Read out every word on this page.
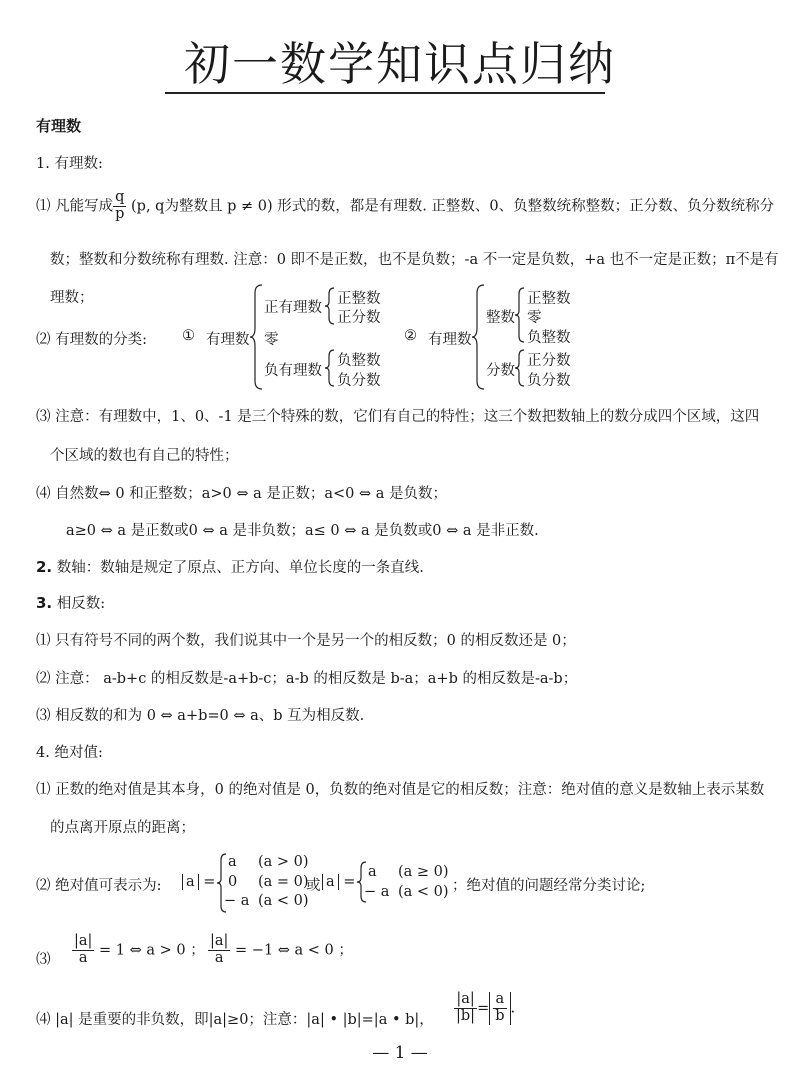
初一数学知识点归纳
有理数
1. 有理数:
⑴ 凡能写成 $\frac{q}{p} (p$, q为整数且 p ≠ 0) 形式的数，都是有理数. 正整数、0、负整数统称整数；正分数、负分数统称分
数；整数和分数统称有理数. 注意：0 即不是正数，也不是负数；-a 不一定是负数，+a 也不一定是正数；π不是有
理数；
⑵ 有理数的分类: ① 有理数
正有理数
正整数
正分数
零
负有理数
负整数
负分数
② 有理数
整数
正整数
零
负整数
分数
正分数
负分数
⑶ 注意：有理数中，1、0、-1 是三个特殊的数，它们有自己的特性；这三个数把数轴上的数分成四个区域，这四
个区域的数也有自己的特性；
⑷ 自然数⇔ 0 和正整数；a>0 ⇔ a 是正数；a<0 ⇔ a 是负数；
a≥0 ⇔ a 是正数或0 ⇔ a 是非负数；a≤ 0 ⇔ a 是负数或0 ⇔ a 是非正数.
2. 数轴：数轴是规定了原点、正方向、单位长度的一条直线.
3. 相反数:
⑴ 只有符号不同的两个数，我们说其中一个是另一个的相反数；0 的相反数还是 0；
⑵ 注意： a-b+c 的相反数是-a+b-c；a-b 的相反数是 b-a；a+b 的相反数是-a-b；
⑶ 相反数的和为 0 ⇔ a+b=0 ⇔ a、b 互为相反数.
4. 绝对值:
⑴ 正数的绝对值是其本身，0 的绝对值是 0，负数的绝对值是它的相反数；注意：绝对值的意义是数轴上表示某数
的点离开原点的距离；
⑵ 绝对值可表示为: a =
a (a > 0)
0 (a = 0)
− a (a < 0)
或 a =
a (a ≥ 0)
− a (a < 0) ；绝对值的问题经常分类讨论;
⑶ $\frac{|a|}{a} = 1$ ⇔ a > 0 ； $\frac{|a|}{a} = -1$ ⇔ a < 0 ；
⑷ |a| 是重要的非负数，即|a|≥0；注意：|a| • |b|=|a • b|， $\frac{|a|}{|b|} = \frac{a}{b}$ .
— 1 —
